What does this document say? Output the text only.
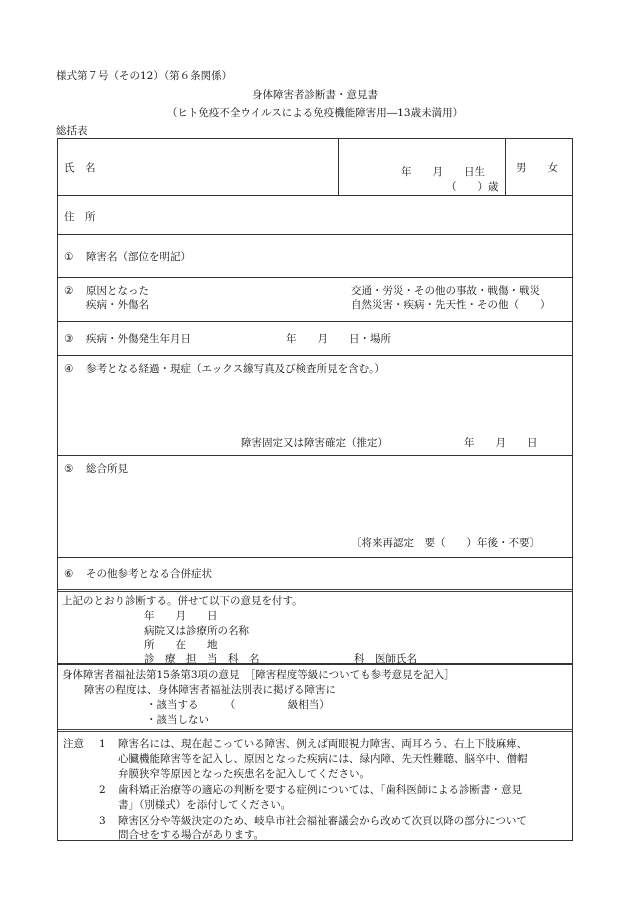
様式第７号（その12）（第６条関係）
身体障害者診断書・意見書
（ヒト免疫不全ウイルスによる免疫機能障害用―13歳未満用）
総括表
氏　名	年　　月　　日生
（　　）歳
男　　女
住　所
① 障害名（部位を明記）
② 原因となった
疾病・外傷名
交通・労災・その他の事故・戦傷・戦災
自然災害・疾病・先天性・その他（　　）
③ 疾病・外傷発生年月日	年　　月　　日・場所
④ 参考となる経過・現症（エックス線写真及び検査所見を含む。）
障害固定又は障害確定（推定）	年　　月　　日
⑤ 総合所見
〔将来再認定　要（　　）年後・不要〕
⑥ その他参考となる合併症状
上記のとおり診断する。併せて以下の意見を付す。
年　　月　　日
病院又は診療所の名称
所　　在　　地
診　療　担　当　科　名	科　医師氏名
身体障害者福祉法第15条第3項の意見　［障害程度等級についても参考意見を記入］
障害の程度は、身体障害者福祉法別表に掲げる障害に
・該当する　　　（　　　　　級相当）
・該当しない
注意 1 障害名には、現在起こっている障害、例えば両眼視力障害、両耳ろう、右上下肢麻痺、
心臓機能障害等を記入し、原因となった疾病には、緑内障、先天性難聴、脳卒中、僧帽
弁膜狭窄等原因となった疾患名を記入してください。
2 歯科矯正治療等の適応の判断を要する症例については、「歯科医師による診断書・意見
書」（別様式）を添付してください。
3 障害区分や等級決定のため、岐阜市社会福祉審議会から改めて次頁以降の部分について
問合せをする場合があります。
